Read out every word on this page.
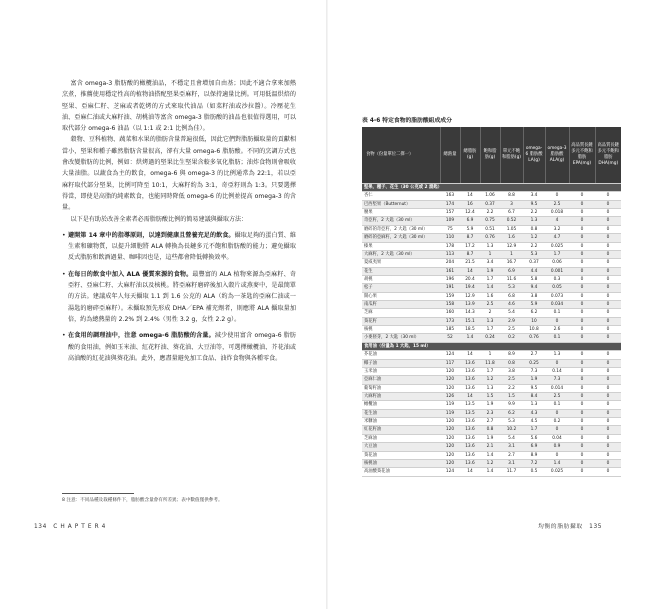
富含 omega-3 脂肪酸的橄欖油品，不穩定且會增加自由基；因此不適合拿來加熱烹煮，推薦使用穩定性高的植物油搭配堅果亞麻籽，以保持適量比例。可用低溫烘焙的堅果、亞麻仁籽、芝麻或者乾烤的方式來取代油品（如菜籽油或沙拉醬）。冷壓花生油、亞麻仁油或大麻籽油、胡桃油等富含 omega-3 脂肪酸的油品也很值得選用，可以取代部分 omega-6 油品（以 1:1 或 2:1 比例為佳）。

穀物、豆科植物、蔬菜和水果的脂肪含量普遍很低，因此它們對脂肪攝取量的貢獻相當小，堅果和種子雖然脂肪含量很高，卻有大量 omega-6 脂肪酸。不同的烹調方式也會改變脂肪的比例，例如：烘烤過的堅果比生堅果含較多氧化脂肪；油炸食物則會吸收大量油脂。以蔬食為主的飲食，omega-6 與 omega-3 的比例通常為 22:1，若以亞麻籽取代部分堅果，比例可降至 10:1，大麻籽約為 3:1，奇亞籽則為 1:3。只要選擇得當，即使是高脂的純素飲食，也能同時降低 omega-6 的比例並提高 omega-3 的含量。

以下是有助於改善全素者必需脂肪酸比例的簡易建議與攝取方法：

• 避開第 14 章中的指導原則，以達到健康且營養充足的飲食。攝取足夠的蛋白質、維生素和礦物質，以提升細胞將 ALA 轉換為長鏈多元不飽和脂肪酸的能力；避免攝取反式脂肪和飲酒過量、咖啡因也是，這些都會降低轉換效率。

• 在每日的飲食中加入 ALA 優質來源的食物。最豐富的 ALA 植物來源為亞麻籽、奇亞籽、亞麻仁籽、大麻籽油以及核桃。將亞麻籽磨碎後加入穀片或燕麥中，是最簡單的方法。建議成年人每天攝取 1.1 到 1.6 公克的 ALA（約為一茶匙的亞麻仁油或一湯匙的磨碎亞麻籽）。未攝取預先形成 DHA／EPA 補充劑者，則應將 ALA 攝取量加倍，約為總熱量的 2.2% 到 2.4%（男性 3.2 g，女性 2.2 g）。

• 在食用的調理油中，注意 omega-6 脂肪酸的含量。減少使用富含 omega-6 脂肪酸的食用油，例如玉米油、紅花籽油、葵花油、大豆油等，可選擇橄欖油、芥花油或高油酸的紅花油與葵花油。此外，應盡量避免加工食品、油炸食物與各種零食。

8 注意：不同品種及栽種條件下，脂肪酸含量會有所差異；表中數值僅供參考。
134　C H A P T E R 4
表 4-6 特定食物的脂肪酸組成成分
食物（份量單位二擇一）	總熱量	總脂肪(g)	飽和脂肪(g)	單元不飽和脂肪(g)	omega-6 脂肪酸 LA(g)	omega-3 脂肪酸 ALA(g)	高品質長鏈多元不飽和脂肪 EPA(mg)	高品質長鏈多元不飽和脂肪 DHA(mg)
堅果、種子、花生（30 公克或 2 湯匙）								
杏仁	163	14	1.06	8.8	3.4	0	0	0
巴西堅果（Butternut）	174	16	0.37	3	9.5	2.5	0	0
腰果	157	12.4	2.2	6.7	2.2	0.018	0	0
奇亞籽，2 大匙（30 ml）	109	6.9	0.75	0.52	1.3	4	0	0
磨碎的奇亞籽，2 大匙（30 ml）	75	5.9	0.51	1.05	0.8	3.2	0	0
磨碎的亞麻籽，2 大匙（30 ml）	110	8.7	0.76	1.6	1.2	4.7	0	0
榛果	178	17.2	1.3	12.9	2.2	0.025	0	0
大麻籽，2 大匙（30 ml）	113	8.7	1	1	5.3	1.7	0	0
夏威夷果	204	21.5	3.4	16.7	0.37	0.06	0	0
花生	161	14	1.9	6.9	4.4	0.001	0	0
胡桃	196	20.4	1.7	11.6	5.8	0.3	0	0
松子	191	19.4	1.4	5.3	9.4	0.05	0	0
開心果	159	12.9	1.6	6.8	3.8	0.073	0	0
南瓜籽	158	13.9	2.5	4.6	5.9	0.034	0	0
芝麻	160	14.3	2	5.4	6.2	0.1	0	0
葵花籽	173	15.1	1.3	2.9	10	0	0	0
核桃	185	18.5	1.7	2.5	10.8	2.6	0	0
小麥胚芽，2 大匙（30 ml）	52	1.4	0.24	0.2	0.76	0.1	0	0
食用油（份量為 1 大匙，15 ml）								
芥花油	124	14	1	8.9	2.7	1.3	0	0
椰子油	117	13.6	11.8	0.8	0.25	0	0	0
玉米油	120	13.6	1.7	3.8	7.3	0.14	0	0
亞麻仁油	120	13.6	1.2	2.5	1.9	7.3	0	0
葡萄籽油	120	13.6	1.3	2.2	9.5	0.014	0	0
大麻籽油	126	14	1.5	1.5	8.4	2.5	0	0
橄欖油	119	13.5	1.9	9.9	1.3	0.1	0	0
花生油	119	13.5	2.3	6.2	4.3	0	0	0
米糠油	120	13.6	2.7	5.3	4.5	0.2	0	0
紅花籽油	120	13.6	0.8	10.2	1.7	0	0	0
芝麻油	120	13.6	1.9	5.4	5.6	0.04	0	0
大豆油	120	13.6	2.1	3.1	6.9	0.9	0	0
葵花油	120	13.6	1.4	2.7	8.9	0	0	0
核桃油	120	13.6	1.2	3.1	7.2	1.4	0	0
高油酸葵花油	124	14	1.4	11.7	0.5	0.025	0	0
均衡的脂肪攝取　135
